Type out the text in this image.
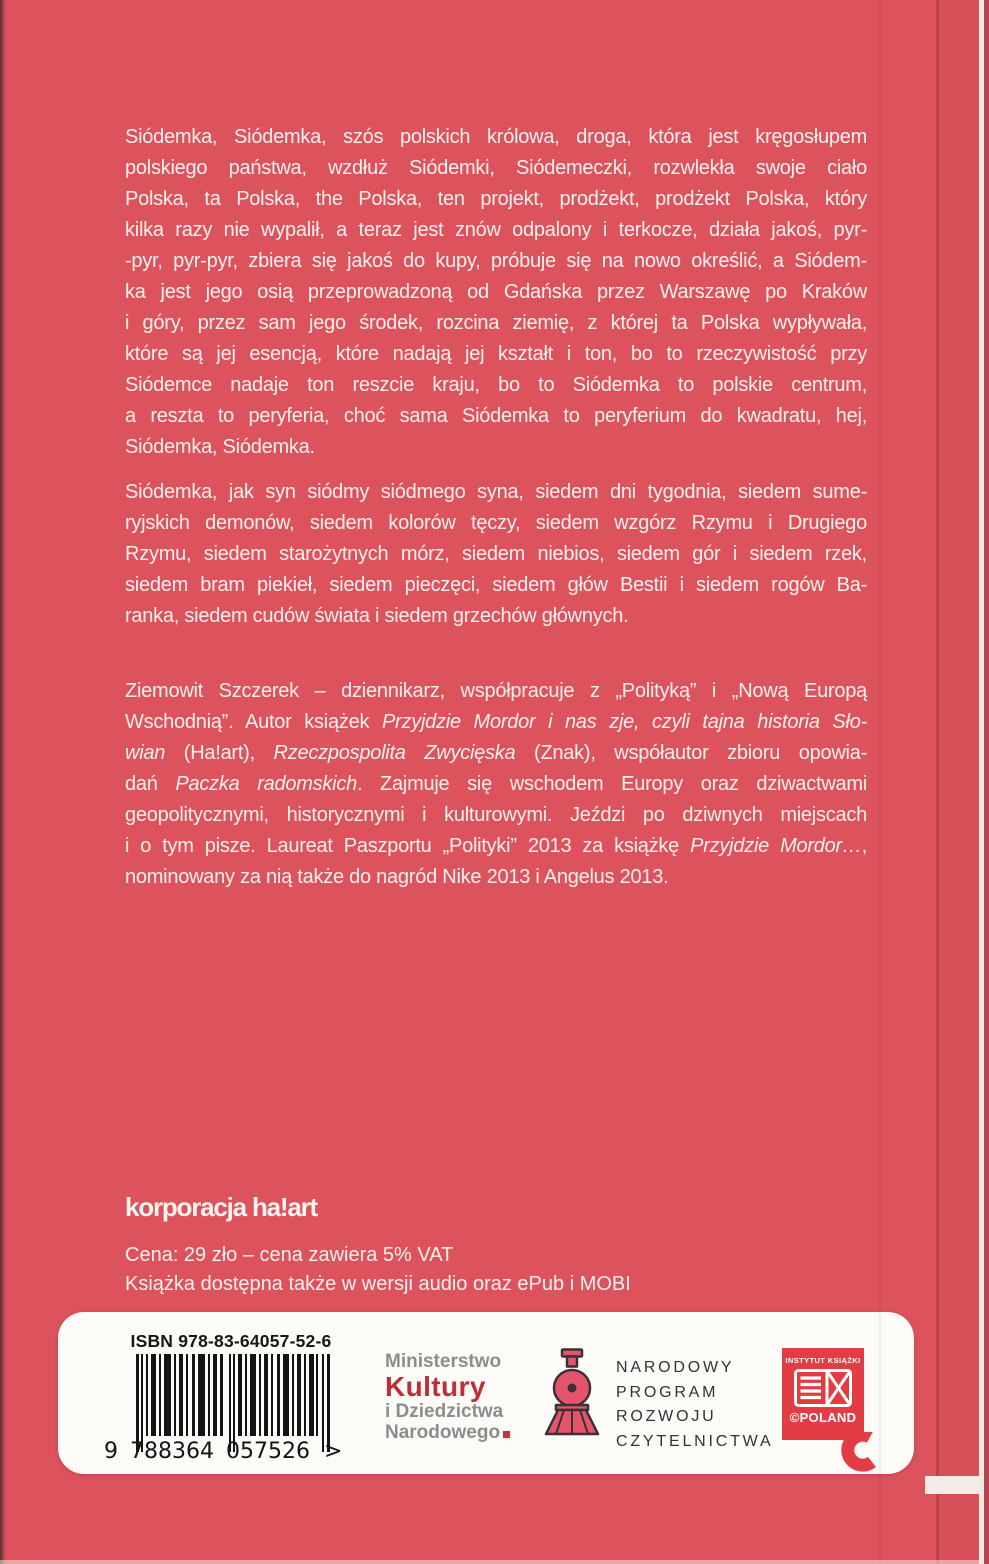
Siódemka, Siódemka, szós polskich królowa, droga, która jest kręgosłupem
polskiego państwa, wzdłuż Siódemki, Siódemeczki, rozwlekła swoje ciało
Polska, ta Polska, the Polska, ten projekt, prodżekt, prodżekt Polska, który
kilka razy nie wypalił, a teraz jest znów odpalony i terkocze, działa jakoś, pyr-
-pyr, pyr-pyr, zbiera się jakoś do kupy, próbuje się na nowo określić, a Siódem-
ka jest jego osią przeprowadzoną od Gdańska przez Warszawę po Kraków
i góry, przez sam jego środek, rozcina ziemię, z której ta Polska wypływała,
które są jej esencją, które nadają jej kształt i ton, bo to rzeczywistość przy
Siódemce nadaje ton reszcie kraju, bo to Siódemka to polskie centrum,
a reszta to peryferia, choć sama Siódemka to peryferium do kwadratu, hej,
Siódemka, Siódemka.
Siódemka, jak syn siódmy siódmego syna, siedem dni tygodnia, siedem sume-
ryjskich demonów, siedem kolorów tęczy, siedem wzgórz Rzymu i Drugiego
Rzymu, siedem starożytnych mórz, siedem niebios, siedem gór i siedem rzek,
siedem bram piekieł, siedem pieczęci, siedem głów Bestii i siedem rogów Ba-
ranka, siedem cudów świata i siedem grzechów głównych.
Ziemowit Szczerek – dziennikarz, współpracuje z „Polityką” i „Nową Europą
Wschodnią”. Autor książek Przyjdzie Mordor i nas zje, czyli tajna historia Sło-
wian (Ha!art), Rzeczpospolita Zwycięska (Znak), współautor zbioru opowia-
dań Paczka radomskich. Zajmuje się wschodem Europy oraz dziwactwami
geopolitycznymi, historycznymi i kulturowymi. Jeździ po dziwnych miejscach
i o tym pisze. Laureat Paszportu „Polityki” 2013 za książkę Przyjdzie Mordor…,
nominowany za nią także do nagród Nike 2013 i Angelus 2013.
korporacja ha!art
Cena: 29 zło – cena zawiera 5% VAT
Książka dostępna także w wersji audio oraz ePub i MOBI
ISBN 978-83-64057-52-6
9 788364 057526 >
Ministerstwo
Kultury
i Dziedzictwa
Narodowego
NARODOWY
PROGRAM
ROZWOJU
CZYTELNICTWA
INSTYTUT KSIĄŻKI
©POLAND
